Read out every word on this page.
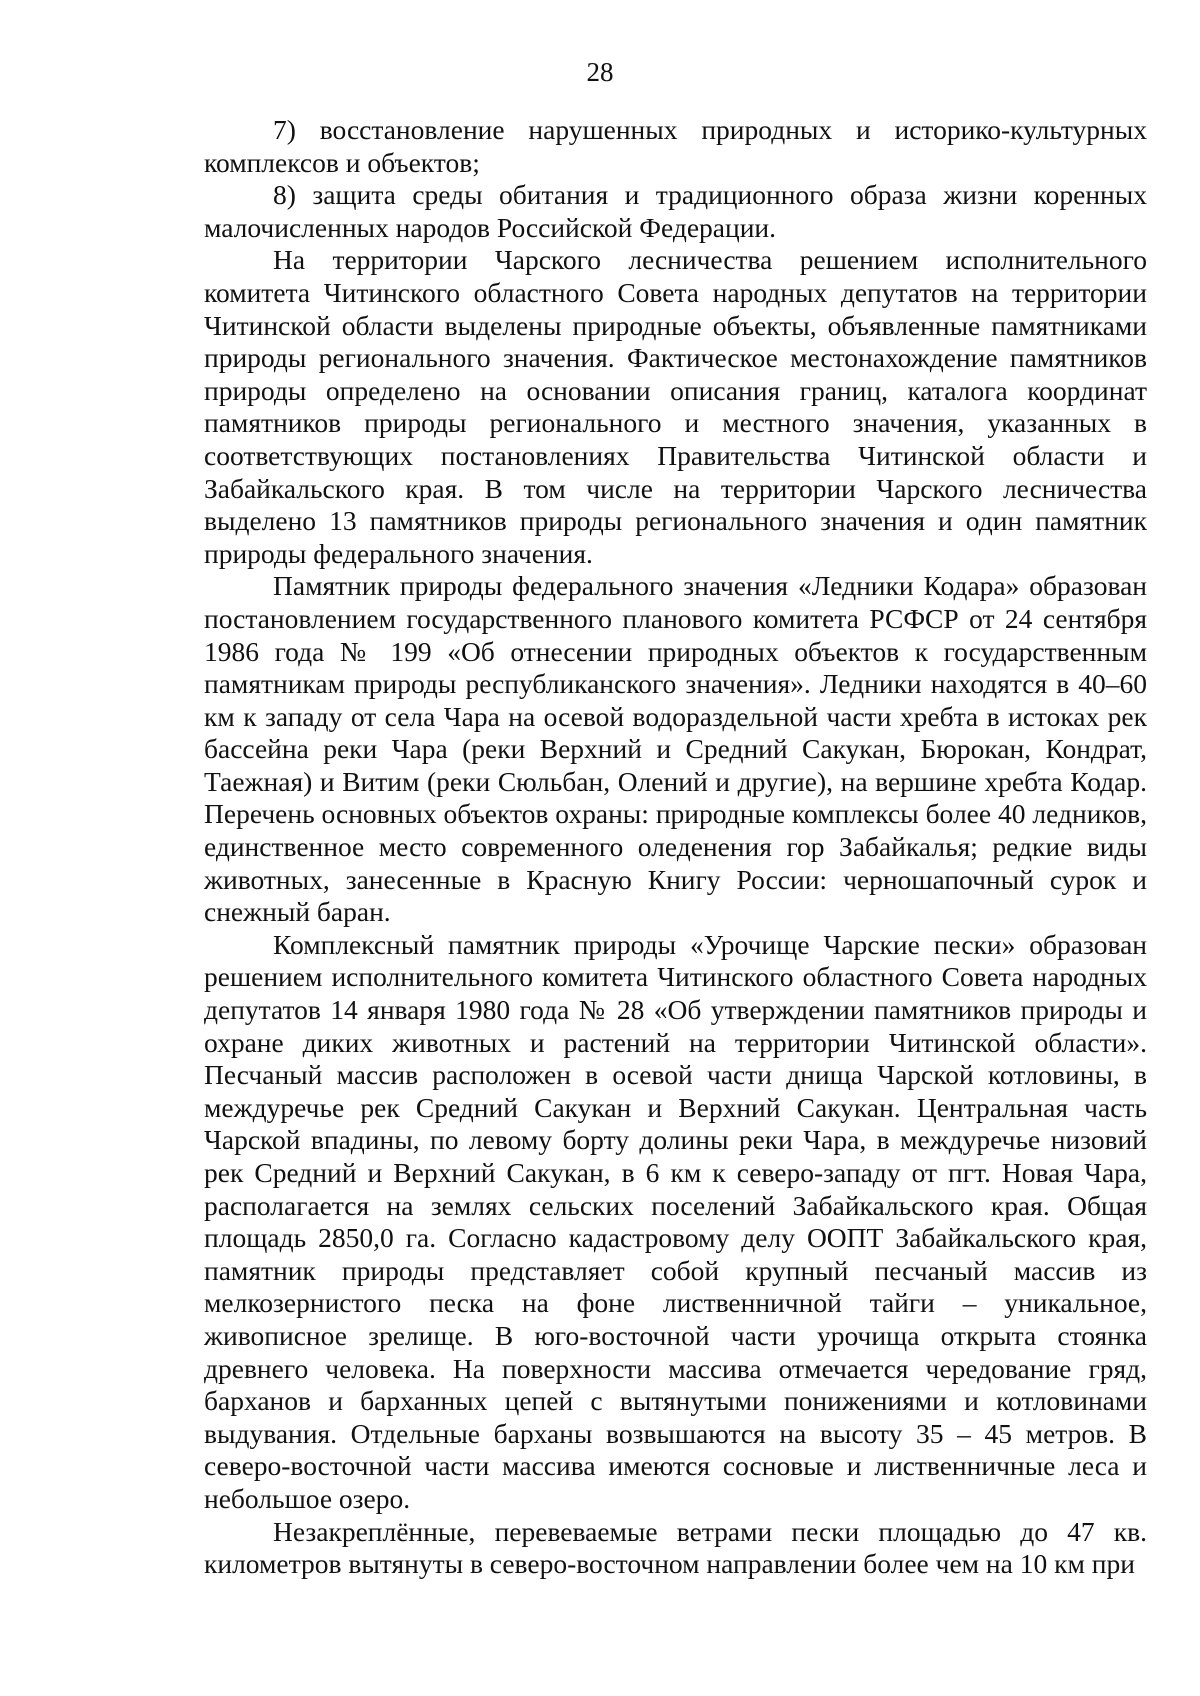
28

7) восстановление нарушенных природных и историко-культурных комплексов и объектов;

8) защита среды обитания и традиционного образа жизни коренных малочисленных народов Российской Федерации.

На территории Чарского лесничества решением исполнительного комитета Читинского областного Совета народных депутатов на территории Читинской области выделены природные объекты, объявленные памятниками природы регионального значения. Фактическое местонахождение памятников природы определено на основании описания границ, каталога координат памятников природы регионального и местного значения, указанных в соответствующих постановлениях Правительства Читинской области и Забайкальского края. В том числе на территории Чарского лесничества выделено 13 памятников природы регионального значения и один памятник природы федерального значения.

Памятник природы федерального значения «Ледники Кодара» образован постановлением государственного планового комитета РСФСР от 24 сентября 1986 года № 199 «Об отнесении природных объектов к государственным памятникам природы республиканского значения». Ледники находятся в 40–60 км к западу от села Чара на осевой водораздельной части хребта в истоках рек бассейна реки Чара (реки Верхний и Средний Сакукан, Бюрокан, Кондрат, Таежная) и Витим (реки Сюльбан, Олений и другие), на вершине хребта Кодар. Перечень основных объектов охраны: природные комплексы более 40 ледников, единственное место современного оледенения гор Забайкалья; редкие виды животных, занесенные в Красную Книгу России: черношапочный сурок и снежный баран.

Комплексный памятник природы «Урочище Чарские пески» образован решением исполнительного комитета Читинского областного Совета народных депутатов 14 января 1980 года № 28 «Об утверждении памятников природы и охране диких животных и растений на территории Читинской области». Песчаный массив расположен в осевой части днища Чарской котловины, в междуречье рек Средний Сакукан и Верхний Сакукан. Центральная часть Чарской впадины, по левому борту долины реки Чара, в междуречье низовий рек Средний и Верхний Сакукан, в 6 км к северо-западу от пгт. Новая Чара, располагается на землях сельских поселений Забайкальского края. Общая площадь 2850,0 га. Согласно кадастровому делу ООПТ Забайкальского края, памятник природы представляет собой крупный песчаный массив из мелкозернистого песка на фоне лиственничной тайги – уникальное, живописное зрелище. В юго-восточной части урочища открыта стоянка древнего человека. На поверхности массива отмечается чередование гряд, барханов и барханных цепей с вытянутыми понижениями и котловинами выдувания. Отдельные барханы возвышаются на высоту 35 – 45 метров. В северо-восточной части массива имеются сосновые и лиственничные леса и небольшое озеро.

Незакреплённые, перевеваемые ветрами пески площадью до 47 кв. километров вытянуты в северо-восточном направлении более чем на 10 км при
